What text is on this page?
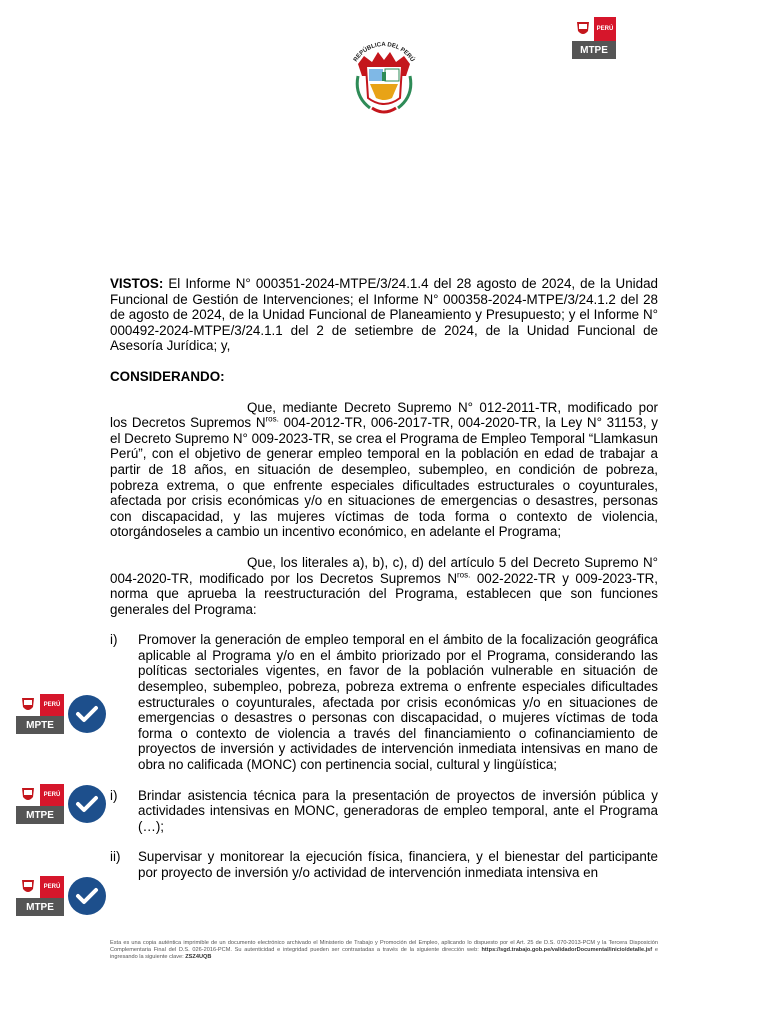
REPÚBLICA DEL PERÚ
PERÚ
MTPE

VISTOS: El Informe N° 000351-2024-MTPE/3/24.1.4 del 28 agosto de 2024, de la Unidad Funcional de Gestión de Intervenciones; el Informe N° 000358-2024-MTPE/3/24.1.2 del 28 de agosto de 2024, de la Unidad Funcional de Planeamiento y Presupuesto; y el Informe N° 000492-2024-MTPE/3/24.1.1 del 2 de setiembre de 2024, de la Unidad Funcional de Asesoría Jurídica; y,

CONSIDERANDO:

Que, mediante Decreto Supremo N° 012-2011-TR, modificado por los Decretos Supremos $N^{ros.}$ 004-2012-TR, 006-2017-TR, 004-2020-TR, la Ley N° 31153, y el Decreto Supremo N° 009-2023-TR, se crea el Programa de Empleo Temporal “Llamkasun Perú”, con el objetivo de generar empleo temporal en la población en edad de trabajar a partir de 18 años, en situación de desempleo, subempleo, en condición de pobreza, pobreza extrema, o que enfrente especiales dificultades estructurales o coyunturales, afectada por crisis económicas y/o en situaciones de emergencias o desastres, personas con discapacidad, y las mujeres víctimas de toda forma o contexto de violencia, otorgándoseles a cambio un incentivo económico, en adelante el Programa;

Que, los literales a), b), c), d) del artículo 5 del Decreto Supremo N° 004-2020-TR, modificado por los Decretos Supremos $N^{ros.}$ 002-2022-TR y 009-2023-TR, norma que aprueba la reestructuración del Programa, establecen que son funciones generales del Programa:

i) Promover la generación de empleo temporal en el ámbito de la focalización geográfica aplicable al Programa y/o en el ámbito priorizado por el Programa, considerando las políticas sectoriales vigentes, en favor de la población vulnerable en situación de desempleo, subempleo, pobreza, pobreza extrema o enfrente especiales dificultades estructurales o coyunturales, afectada por crisis económicas y/o en situaciones de emergencias o desastres o personas con discapacidad, o mujeres víctimas de toda forma o contexto de violencia a través del financiamiento o cofinanciamiento de proyectos de inversión y actividades de intervención inmediata intensivas en mano de obra no calificada (MONC) con pertinencia social, cultural y lingüística;
i) Brindar asistencia técnica para la presentación de proyectos de inversión pública y actividades intensivas en MONC, generadoras de empleo temporal, ante el Programa (…);
ii) Supervisar y monitorear la ejecución física, financiera, y el bienestar del participante por proyecto de inversión y/o actividad de intervención inmediata intensiva en
PERÚ
MPTE
PERÚ
MTPE
PERÚ
MTPE
Esta es una copia auténtica imprimible de un documento electrónico archivado el Ministerio de Trabajo y Promoción del Empleo, aplicando lo dispuesto por el Art. 25 de D.S. 070-2013-PCM y la Tercera Disposición Complementaria Final del D.S. 026-2016-PCM. Su autenticidad e integridad pueden ser contrastadas a través de la siguiente dirección web: https://sgd.trabajo.gob.pe/validadorDocumental/inicio/detalle.jsf e ingresando la siguiente clave: ZSZ4UQB
